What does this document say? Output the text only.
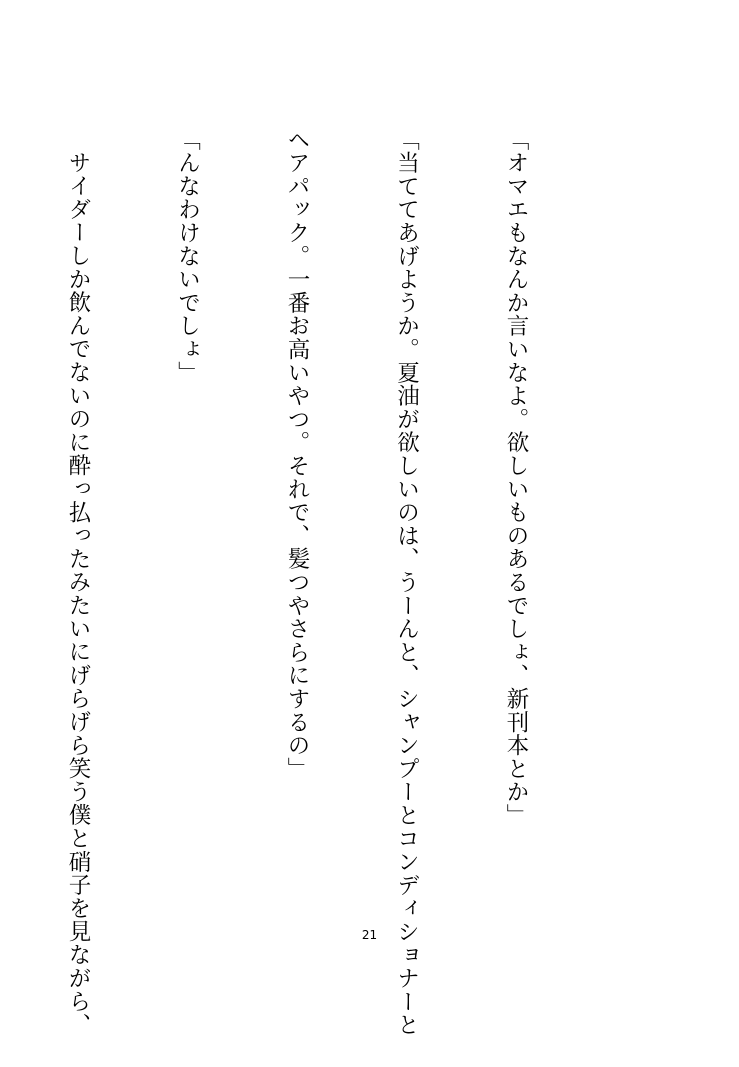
「オマエもなんか言いなよ。欲しいものあるでしょ、新刊本とか」

「当ててあげようか。夏油が欲しいのは、うーんと、シャンプーとコンディショナーと

ヘアパック。一番お高いやつ。それで、髪つやさらにするの」

「んなわけないでしょ」

サイダーしか飲んでないのに酔っ払ったみたいにげらげら笑う僕と硝子を見ながら、

	21
